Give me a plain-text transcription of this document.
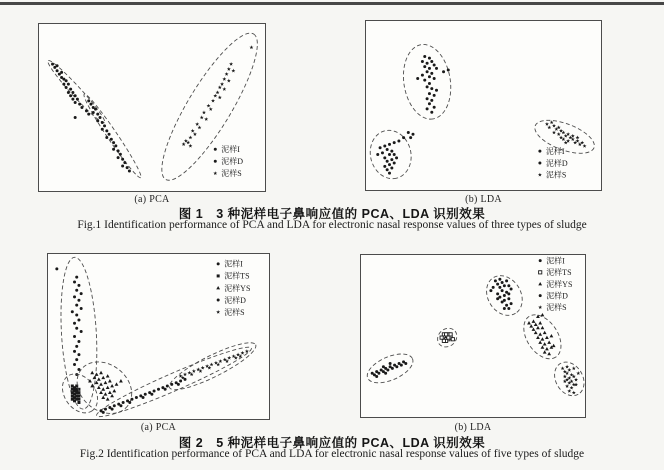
泥样I
泥样D
泥样S
泥样I
泥样D
泥样S
(a) PCA	(b) LDA
图 1　3 种泥样电子鼻响应值的 PCA、LDA 识别效果
Fig.1 Identification performance of PCA and LDA for electronic nasal response values of three types of sludge
泥样I
泥样TS
泥样YS
泥样D
泥样S
泥样I
泥样TS
泥样YS
泥样D
泥样S
(a) PCA	(b) LDA
图 2　5 种泥样电子鼻响应值的 PCA、LDA 识别效果
Fig.2 Identification performance of PCA and LDA for electronic nasal response values of five types of sludge
